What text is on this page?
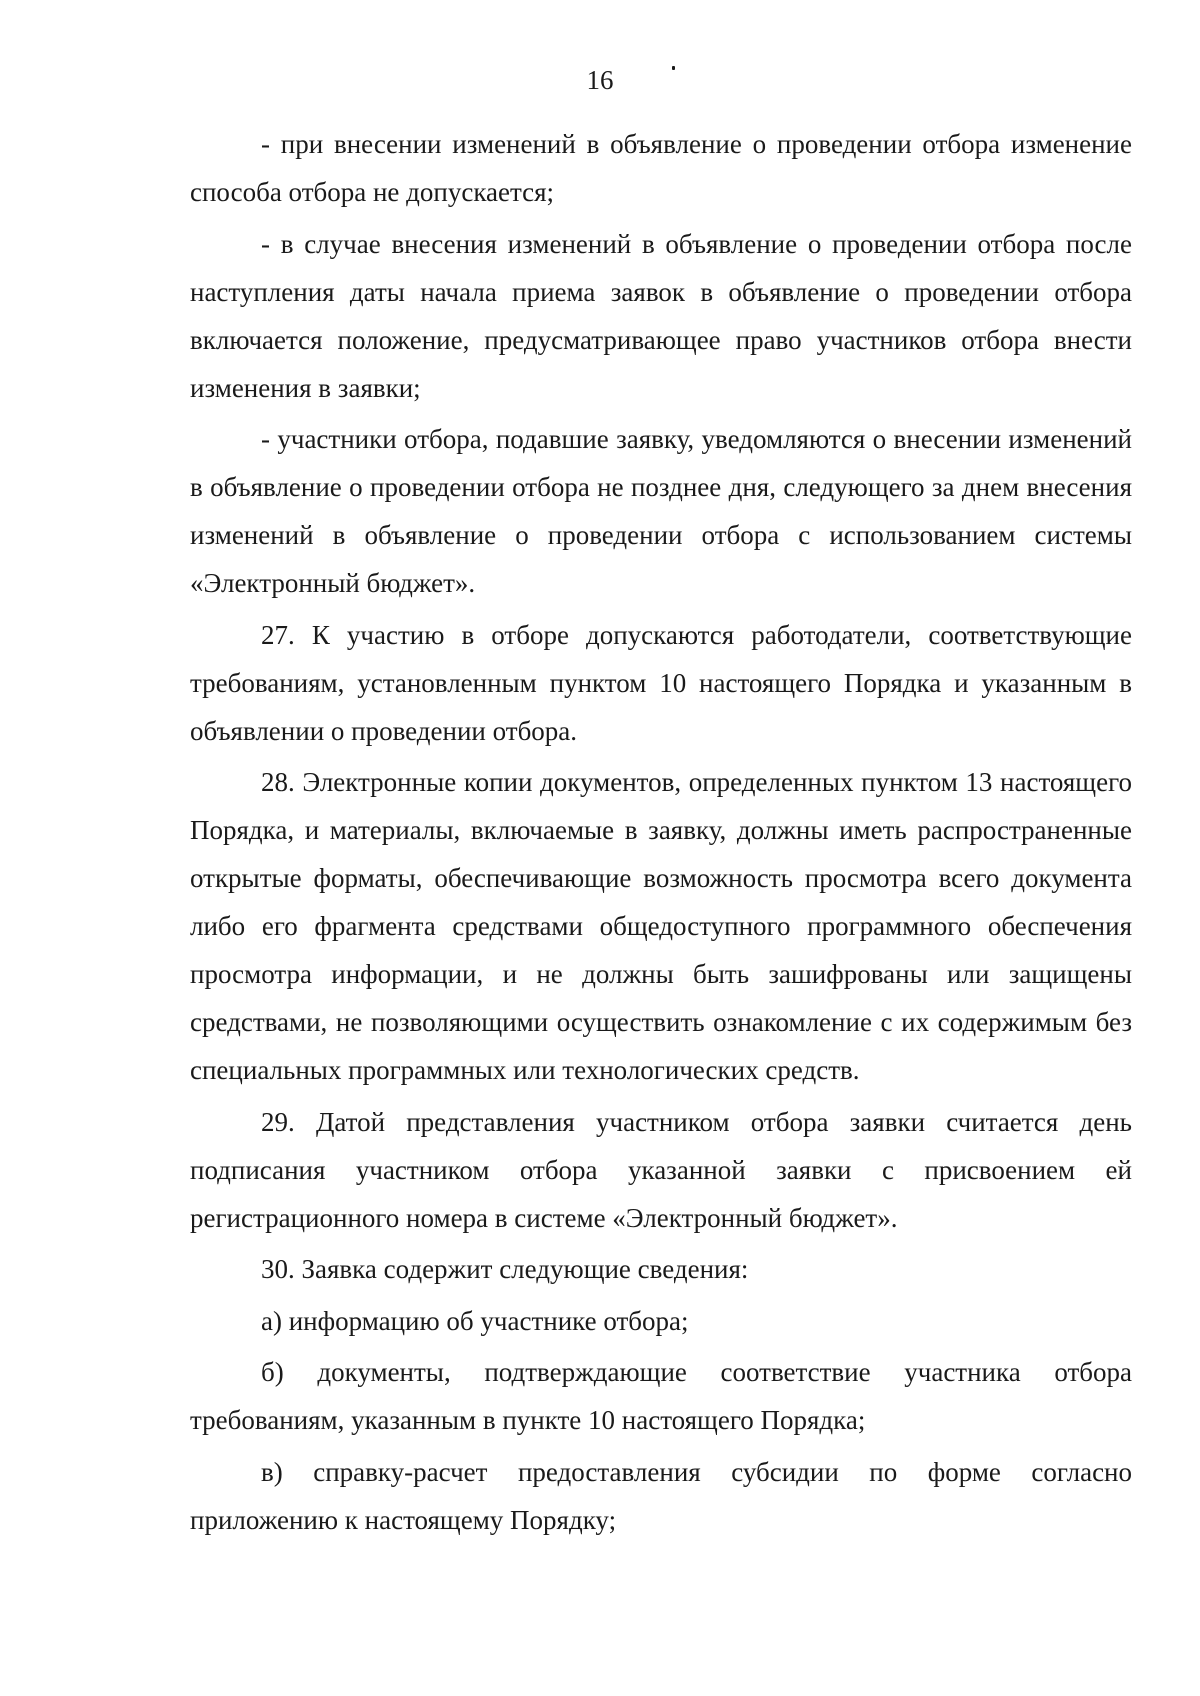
16

- при внесении изменений в объявление о проведении отбора изменение способа отбора не допускается;

- в случае внесения изменений в объявление о проведении отбора после наступления даты начала приема заявок в объявление о проведении отбора включается положение, предусматривающее право участников отбора внести изменения в заявки;

- участники отбора, подавшие заявку, уведомляются о внесении изменений в объявление о проведении отбора не позднее дня, следующего за днем внесения изменений в объявление о проведении отбора с использованием системы «Электронный бюджет».

27. К участию в отборе допускаются работодатели, соответствующие требованиям, установленным пунктом 10 настоящего Порядка и указанным в объявлении о проведении отбора.

28. Электронные копии документов, определенных пунктом 13 настоящего Порядка, и материалы, включаемые в заявку, должны иметь распространенные открытые форматы, обеспечивающие возможность просмотра всего документа либо его фрагмента средствами общедоступного программного обеспечения просмотра информации, и не должны быть зашифрованы или защищены средствами, не позволяющими осуществить ознакомление с их содержимым без специальных программных или технологических средств.

29. Датой представления участником отбора заявки считается день подписания участником отбора указанной заявки с присвоением ей регистрационного номера в системе «Электронный бюджет».

30. Заявка содержит следующие сведения:

а) информацию об участнике отбора;

б) документы, подтверждающие соответствие участника отбора требованиям, указанным в пункте 10 настоящего Порядка;

в) справку-расчет предоставления субсидии по форме согласно приложению к настоящему Порядку;
